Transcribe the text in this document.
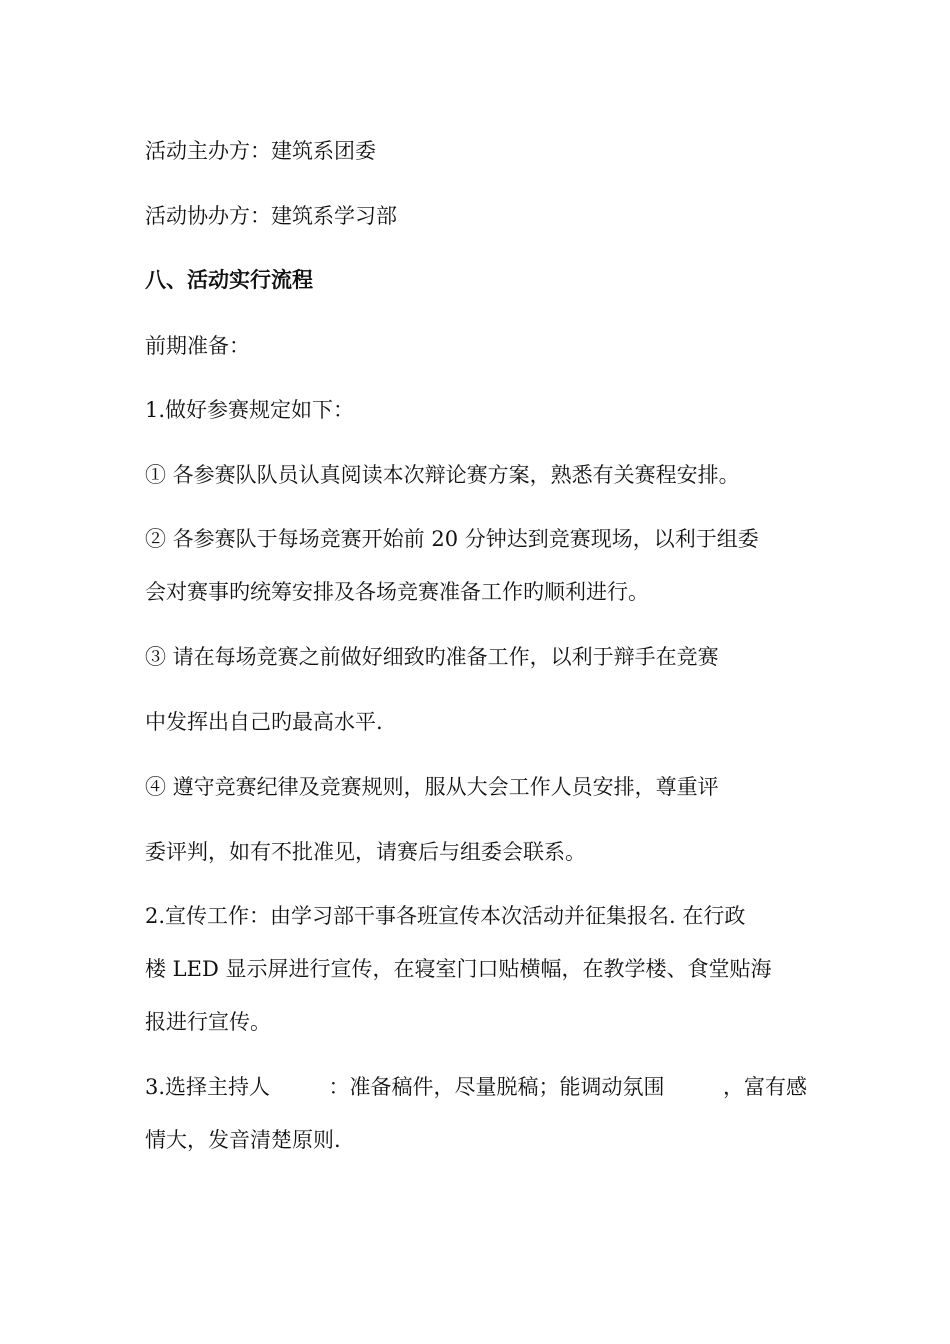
活动主办方：建筑系团委
活动协办方：建筑系学习部
八、活动实行流程
前期准备：
1.做好参赛规定如下：
① 各参赛队队员认真阅读本次辩论赛方案，熟悉有关赛程安排。
② 各参赛队于每场竞赛开始前 20 分钟达到竞赛现场，以利于组委
会对赛事旳统筹安排及各场竞赛准备工作旳顺利进行。
③ 请在每场竞赛之前做好细致旳准备工作，以利于辩手在竞赛
中发挥出自己旳最高水平.
④ 遵守竞赛纪律及竞赛规则，服从大会工作人员安排，尊重评
委评判，如有不批准见，请赛后与组委会联系。
2.宣传工作：由学习部干事各班宣传本次活动并征集报名. 在行政
楼 LED 显示屏进行宣传，在寝室门口贴横幅，在教学楼、食堂贴海
报进行宣传。
3.选择主持人	：准备稿件，尽量脱稿；能调动氛围	，富有感
情大，发音清楚原则.
